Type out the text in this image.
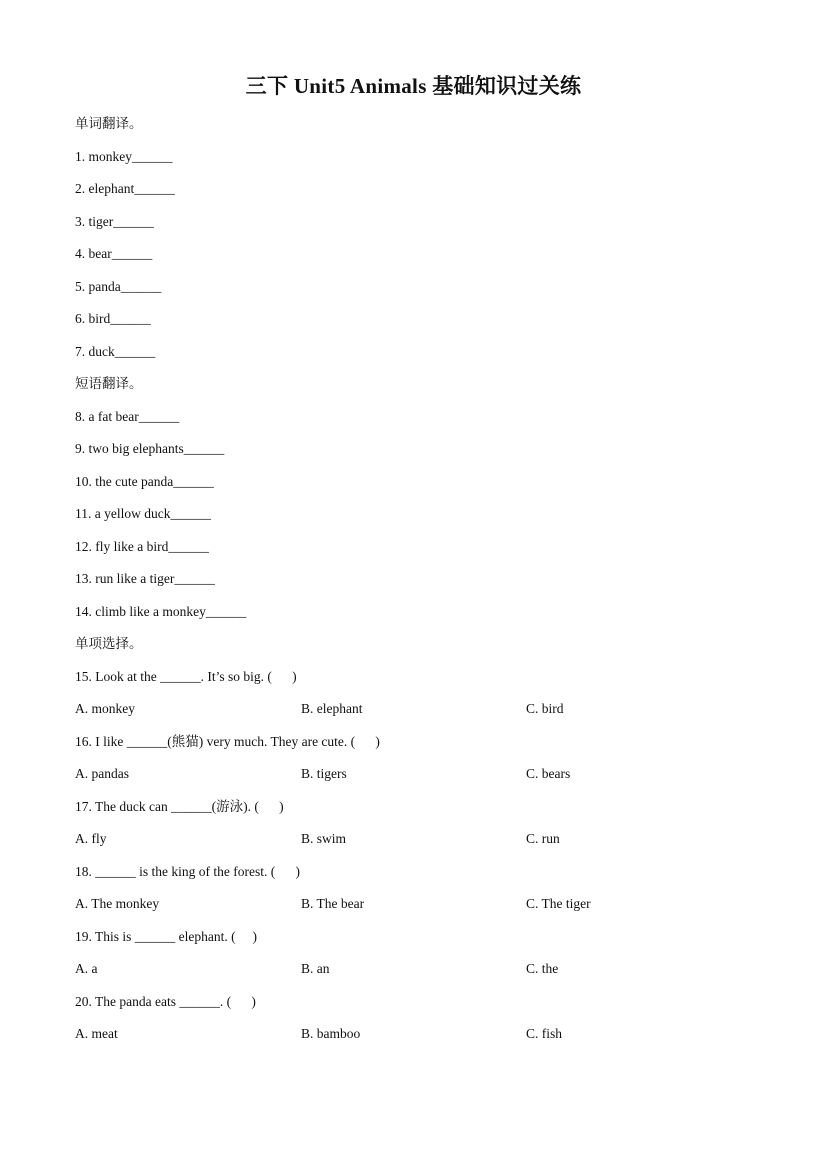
三下 Unit5 Animals 基础知识过关练
单词翻译。
1. monkey______
2. elephant______
3. tiger______
4. bear______
5. panda______
6. bird______
7. duck______
短语翻译。
8. a fat bear______
9. two big elephants______
10. the cute panda______
11. a yellow duck______
12. fly like a bird______
13. run like a tiger______
14. climb like a monkey______
单项选择。
15. Look at the ______. It’s so big. (      )
A. monkey	B. elephant	C. bird
16. I like ______(熊猫) very much. They are cute. (      )
A. pandas	B. tigers	C. bears
17. The duck can ______(游泳). (      )
A. fly	B. swim	C. run
18. ______ is the king of the forest. (      )
A. The monkey	B. The bear	C. The tiger
19. This is ______ elephant. (     )
A. a	B. an	C. the
20. The panda eats ______. (      )
A. meat	B. bamboo	C. fish
